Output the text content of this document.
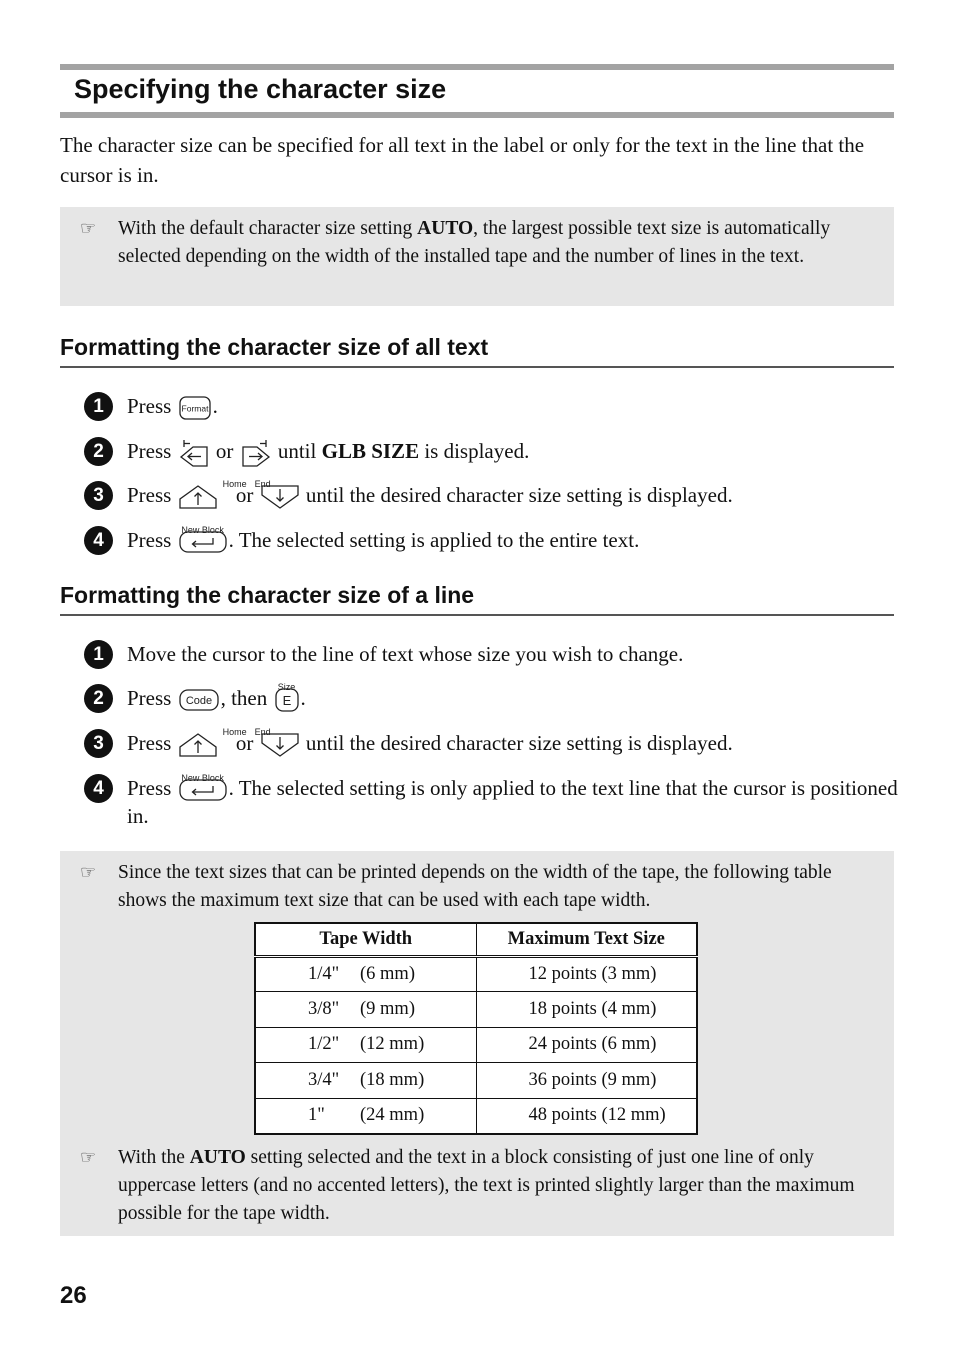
Specifying the character size
The character size can be specified for all text in the label or only for the text in the line that the cursor is in.
☞ With the default character size setting AUTO, the largest possible text size is automatically selected depending on the width of the installed tape and the number of lines in the text.
Formatting the character size of all text
1	Press Format .
2	Press or
until GLB SIZE is displayed.
3	Press	Home
or End until the desired character size setting is displayed.
4	Press	New Block . The selected setting is applied to the entire text.
Formatting the character size of a line
1	Move the cursor to the line of text whose size you wish to change.
2	Press Code , then	Size
E .
3	Press	Home
or End until the desired character size setting is displayed.
4	Press	New Block . The selected setting is only applied to the text line that the cursor is positioned in.
☞ Since the text sizes that can be printed depends on the width of the tape, the following table shows the maximum text size that can be used with each tape width.
☞ With the AUTO setting selected and the text in a block consisting of just one line of only uppercase letters (and no accented letters), the text is printed slightly larger than the maximum possible for the tape width.
Tape Width	Maximum Text Size
1/4" (6 mm)	12 points (3 mm)
3/8" (9 mm)	18 points (4 mm)
1/2" (12 mm)	24 points (6 mm)
3/4" (18 mm)	36 points (9 mm)
1" (24 mm)	48 points (12 mm)
26
